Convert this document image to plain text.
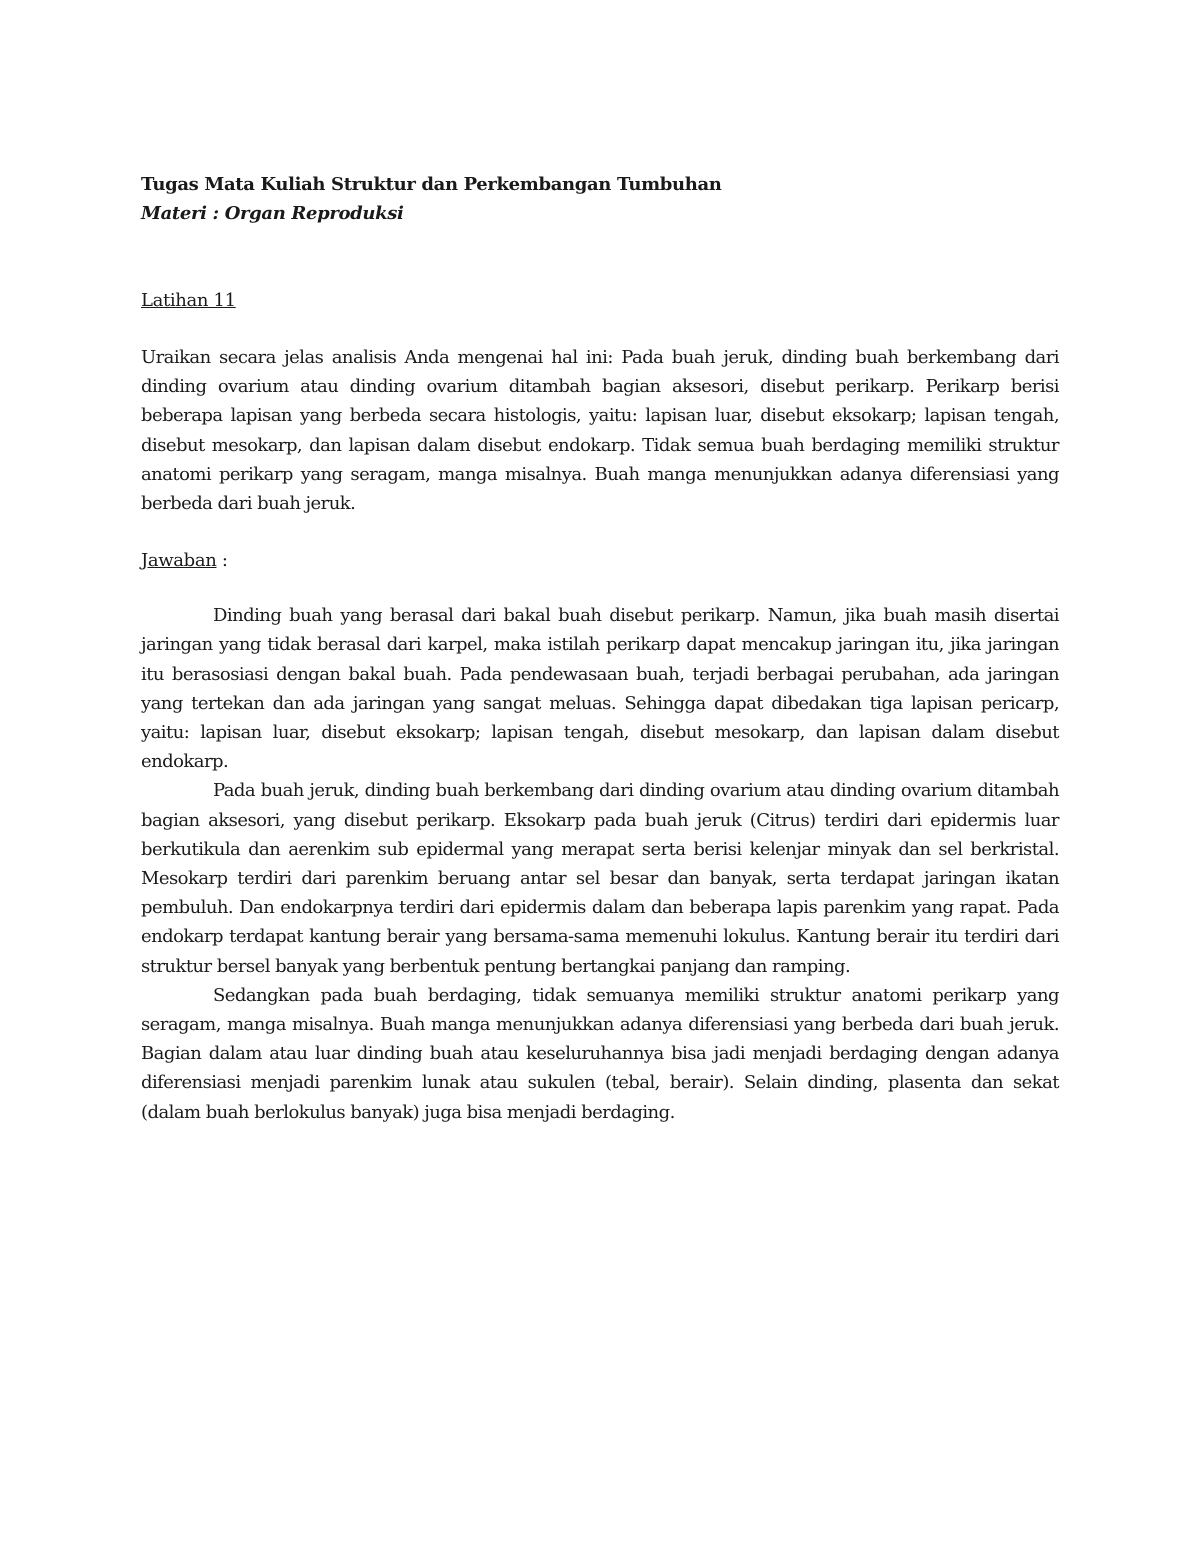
Tugas Mata Kuliah Struktur dan Perkembangan Tumbuhan

Materi : Organ Reproduksi

Latihan 11

Uraikan secara jelas analisis Anda mengenai hal ini: Pada buah jeruk, dinding buah berkembang dari dinding ovarium atau dinding ovarium ditambah bagian aksesori, disebut perikarp. Perikarp berisi beberapa lapisan yang berbeda secara histologis, yaitu: lapisan luar, disebut eksokarp; lapisan tengah, disebut mesokarp, dan lapisan dalam disebut endokarp. Tidak semua buah berdaging memiliki struktur anatomi perikarp yang seragam, manga misalnya. Buah manga menunjukkan adanya diferensiasi yang berbeda dari buah jeruk.

Jawaban :

Dinding buah yang berasal dari bakal buah disebut perikarp. Namun, jika buah masih disertai jaringan yang tidak berasal dari karpel, maka istilah perikarp dapat mencakup jaringan itu, jika jaringan itu berasosiasi dengan bakal buah. Pada pendewasaan buah, terjadi berbagai perubahan, ada jaringan yang tertekan dan ada jaringan yang sangat meluas. Sehingga dapat dibedakan tiga lapisan pericarp, yaitu: lapisan luar, disebut eksokarp; lapisan tengah, disebut mesokarp, dan lapisan dalam disebut endokarp.

Pada buah jeruk, dinding buah berkembang dari dinding ovarium atau dinding ovarium ditambah bagian aksesori, yang disebut perikarp. Eksokarp pada buah jeruk (Citrus) terdiri dari epidermis luar berkutikula dan aerenkim sub epidermal yang merapat serta berisi kelenjar minyak dan sel berkristal. Mesokarp terdiri dari parenkim beruang antar sel besar dan banyak, serta terdapat jaringan ikatan pembuluh. Dan endokarpnya terdiri dari epidermis dalam dan beberapa lapis parenkim yang rapat. Pada endokarp terdapat kantung berair yang bersama-sama memenuhi lokulus. Kantung berair itu terdiri dari struktur bersel banyak yang berbentuk pentung bertangkai panjang dan ramping.

Sedangkan pada buah berdaging, tidak semuanya memiliki struktur anatomi perikarp yang seragam, manga misalnya. Buah manga menunjukkan adanya diferensiasi yang berbeda dari buah jeruk. Bagian dalam atau luar dinding buah atau keseluruhannya bisa jadi menjadi berdaging dengan adanya diferensiasi menjadi parenkim lunak atau sukulen (tebal, berair). Selain dinding, plasenta dan sekat (dalam buah berlokulus banyak) juga bisa menjadi berdaging.
